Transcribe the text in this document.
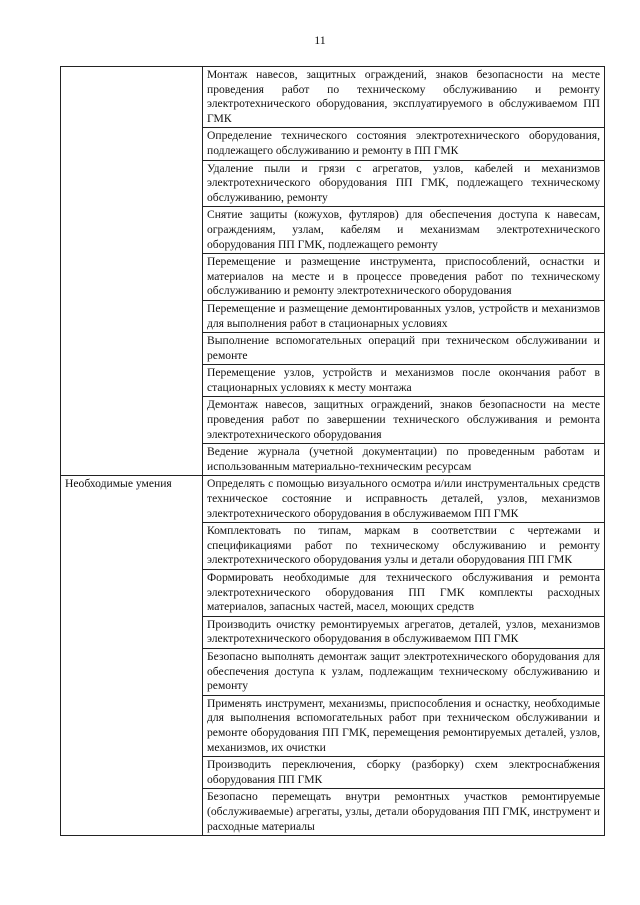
11
	Монтаж навесов, защитных ограждений, знаков безопасности на месте проведения работ по техническому обслуживанию и ремонту электротехнического оборудования, эксплуатируемого в обслуживаемом ПП ГМК
	Определение технического состояния электротехнического оборудования, подлежащего обслуживанию и ремонту в ПП ГМК
	Удаление пыли и грязи с агрегатов, узлов, кабелей и механизмов электротехнического оборудования ПП ГМК, подлежащего техническому обслуживанию, ремонту
	Снятие защиты (кожухов, футляров) для обеспечения доступа к навесам, ограждениям, узлам, кабелям и механизмам электротехнического оборудования ПП ГМК, подлежащего ремонту
	Перемещение и размещение инструмента, приспособлений, оснастки и материалов на месте и в процессе проведения работ по техническому обслуживанию и ремонту электротехнического оборудования
	Перемещение и размещение демонтированных узлов, устройств и механизмов для выполнения работ в стационарных условиях
	Выполнение вспомогательных операций при техническом обслуживании и ремонте
	Перемещение узлов, устройств и механизмов после окончания работ в стационарных условиях к месту монтажа
	Демонтаж навесов, защитных ограждений, знаков безопасности на месте проведения работ по завершении технического обслуживания и ремонта электротехнического оборудования
	Ведение журнала (учетной документации) по проведенным работам и использованным материально-техническим ресурсам
Необходимые умения	Определять с помощью визуального осмотра и/или инструментальных средств техническое состояние и исправность деталей, узлов, механизмов электротехнического оборудования в обслуживаемом ПП ГМК
	Комплектовать по типам, маркам в соответствии с чертежами и спецификациями работ по техническому обслуживанию и ремонту электротехнического оборудования узлы и детали оборудования ПП ГМК
	Формировать необходимые для технического обслуживания и ремонта электротехнического оборудования ПП ГМК комплекты расходных материалов, запасных частей, масел, моющих средств
	Производить очистку ремонтируемых агрегатов, деталей, узлов, механизмов электротехнического оборудования в обслуживаемом ПП ГМК
	Безопасно выполнять демонтаж защит электротехнического оборудования для обеспечения доступа к узлам, подлежащим техническому обслуживанию и ремонту
	Применять инструмент, механизмы, приспособления и оснастку, необходимые для выполнения вспомогательных работ при техническом обслуживании и ремонте оборудования ПП ГМК, перемещения ремонтируемых деталей, узлов, механизмов, их очистки
	Производить переключения, сборку (разборку) схем электроснабжения оборудования ПП ГМК
	Безопасно перемещать внутри ремонтных участков ремонтируемые (обслуживаемые) агрегаты, узлы, детали оборудования ПП ГМК, инструмент и расходные материалы
